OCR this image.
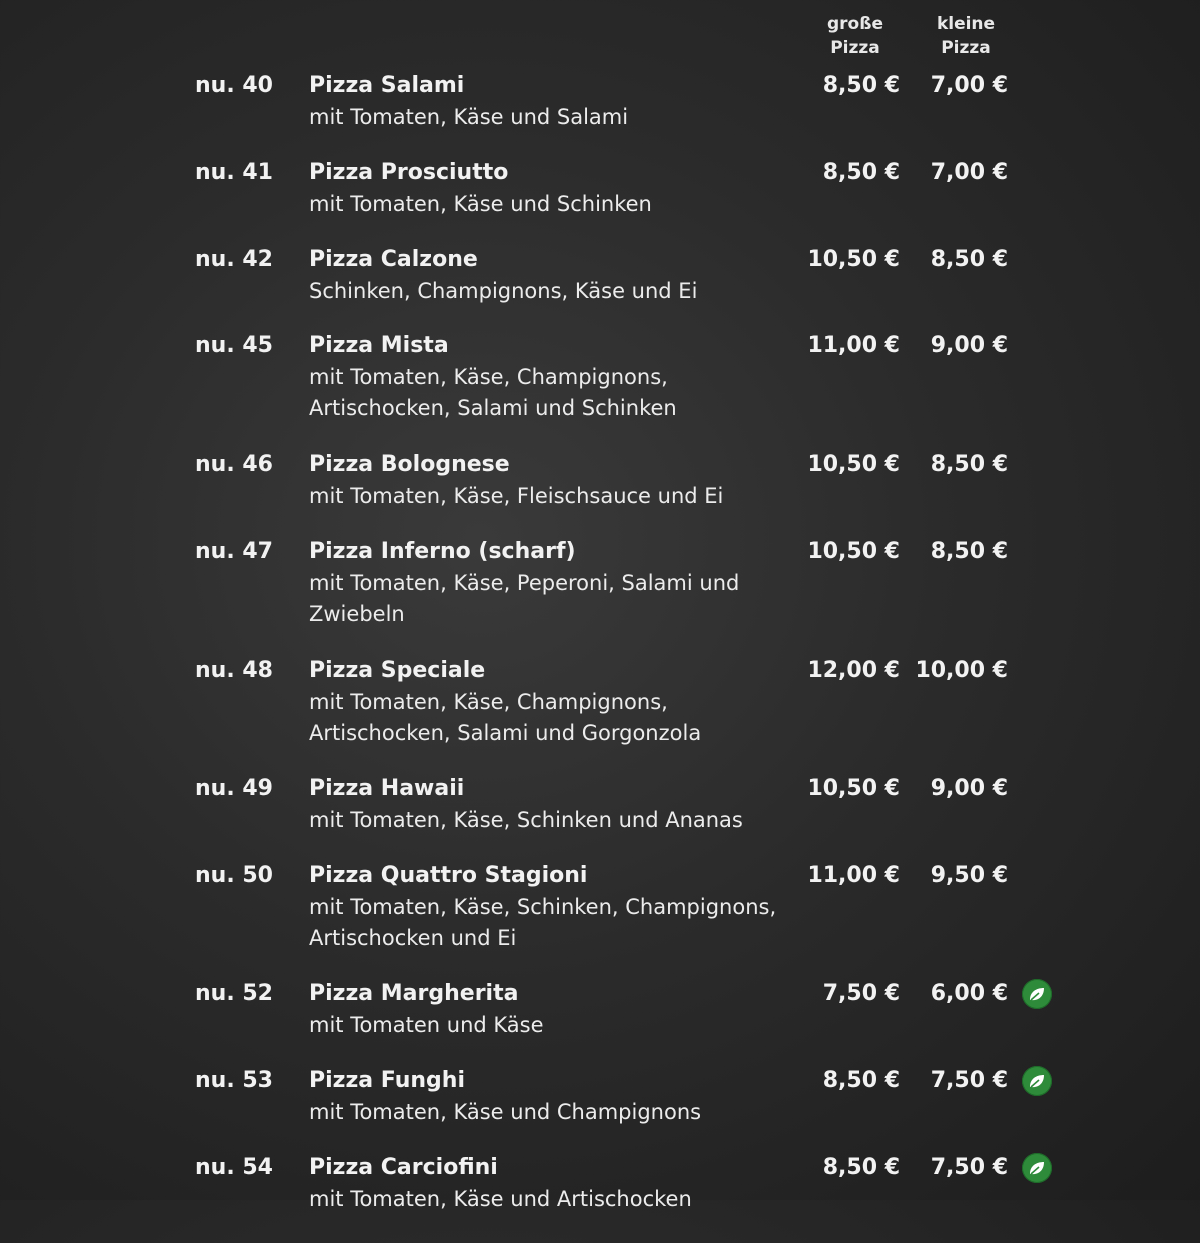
große
Pizza
kleine
Pizza
nu. 40 Pizza Salami
mit Tomaten, Käse und Salami
8,50 €	7,00 €
nu. 41 Pizza Prosciutto
mit Tomaten, Käse und Schinken
8,50 €	7,00 €
nu. 42 Pizza Calzone
Schinken, Champignons, Käse und Ei
10,50 €	8,50 €
nu. 45 Pizza Mista
mit Tomaten, Käse, Champignons, Artischocken, Salami und Schinken
11,00 €	9,00 €
nu. 46 Pizza Bolognese
mit Tomaten, Käse, Fleischsauce und Ei
10,50 €	8,50 €
nu. 47 Pizza Inferno (scharf)
mit Tomaten, Käse, Peperoni, Salami und Zwiebeln
10,50 €	8,50 €
nu. 48 Pizza Speciale
mit Tomaten, Käse, Champignons, Artischocken, Salami und Gorgonzola
12,00 € 10,00 €
nu. 49 Pizza Hawaii
mit Tomaten, Käse, Schinken und Ananas
10,50 €	9,00 €
nu. 50 Pizza Quattro Stagioni
mit Tomaten, Käse, Schinken, Champignons, Artischocken und Ei
11,00 €	9,50 €
nu. 52 Pizza Margherita
mit Tomaten und Käse
7,50 €	6,00 €
nu. 53 Pizza Funghi
mit Tomaten, Käse und Champignons
8,50 €	7,50 €
nu. 54 Pizza Carciofini
mit Tomaten, Käse und Artischocken
8,50 €	7,50 €
